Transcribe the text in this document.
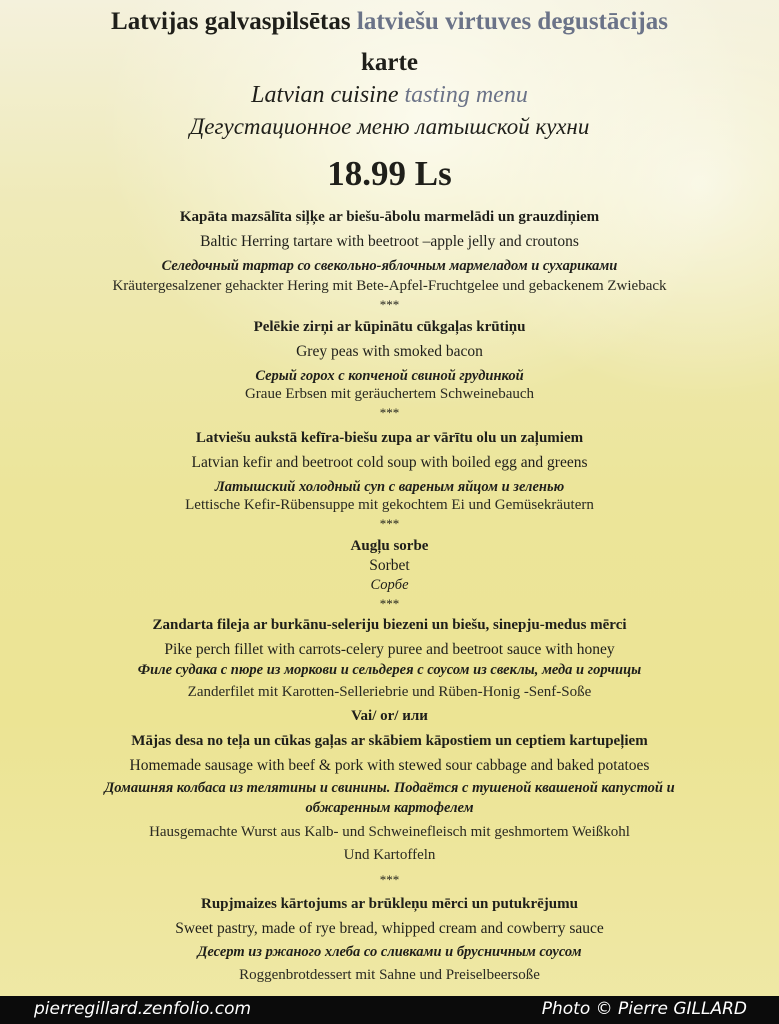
Latvijas galvaspilsētas latviešu virtuves degustācijas
karte
Latvian cuisine tasting menu
Дегустационное меню латышской кухни
18.99 Ls
Kapāta mazsālīta siļķe ar biešu-ābolu marmelādi un grauzdiņiem
Baltic Herring tartare with beetroot –apple jelly and croutons
Селедочный тартар со свекольно-яблочным мармеладом и сухариками
Kräutergesalzener gehackter Hering mit Bete-Apfel-Fruchtgelee und gebackenem Zwieback
***
Pelēkie zirņi ar kūpinātu cūkgaļas krūtiņu
Grey peas with smoked bacon
Серый горох с копченой свиной грудинкой
Graue Erbsen mit geräuchertem Schweinebauch
***
Latviešu aukstā kefīra-biešu zupa ar vārītu olu un zaļumiem
Latvian kefir and beetroot cold soup with boiled egg and greens
Латышский холодный суп с вареным яйцом и зеленью
Lettische Kefir-Rübensuppe mit gekochtem Ei und Gemüsekräutern
***
Augļu sorbe
Sorbet
Сорбе
***
Zandarta fileja ar burkānu-seleriju biezeni un biešu, sinepju-medus mērci
Pike perch fillet with carrots-celery puree and beetroot sauce with honey
Филе судака с пюре из моркови и сельдерея с соусом из свеклы, меда и горчицы
Zanderfilet mit Karotten-Selleriebrie und Rüben-Honig -Senf-Soße
Vai/ or/ или
Mājas desa no teļa un cūkas gaļas ar skābiem kāpostiem un ceptiem kartupeļiem
Homemade sausage with beef & pork with stewed sour cabbage and baked potatoes
Домашняя колбаса из телятины и свинины. Подаётся с тушеной квашеной капустой и
обжаренным картофелем
Hausgemachte Wurst aus Kalb- und Schweinefleisch mit geshmortem Weißkohl
Und Kartoffeln
***
Rupjmaizes kārtojums ar brūkleņu mērci un putukrējumu
Sweet pastry, made of rye bread, whipped cream and cowberry sauce
Десерт из ржаного хлеба со сливками и брусничным соусом
Roggenbrotdessert mit Sahne und Preiselbeersoße
pierregillard.zenfolio.com	Photo © Pierre GILLARD
